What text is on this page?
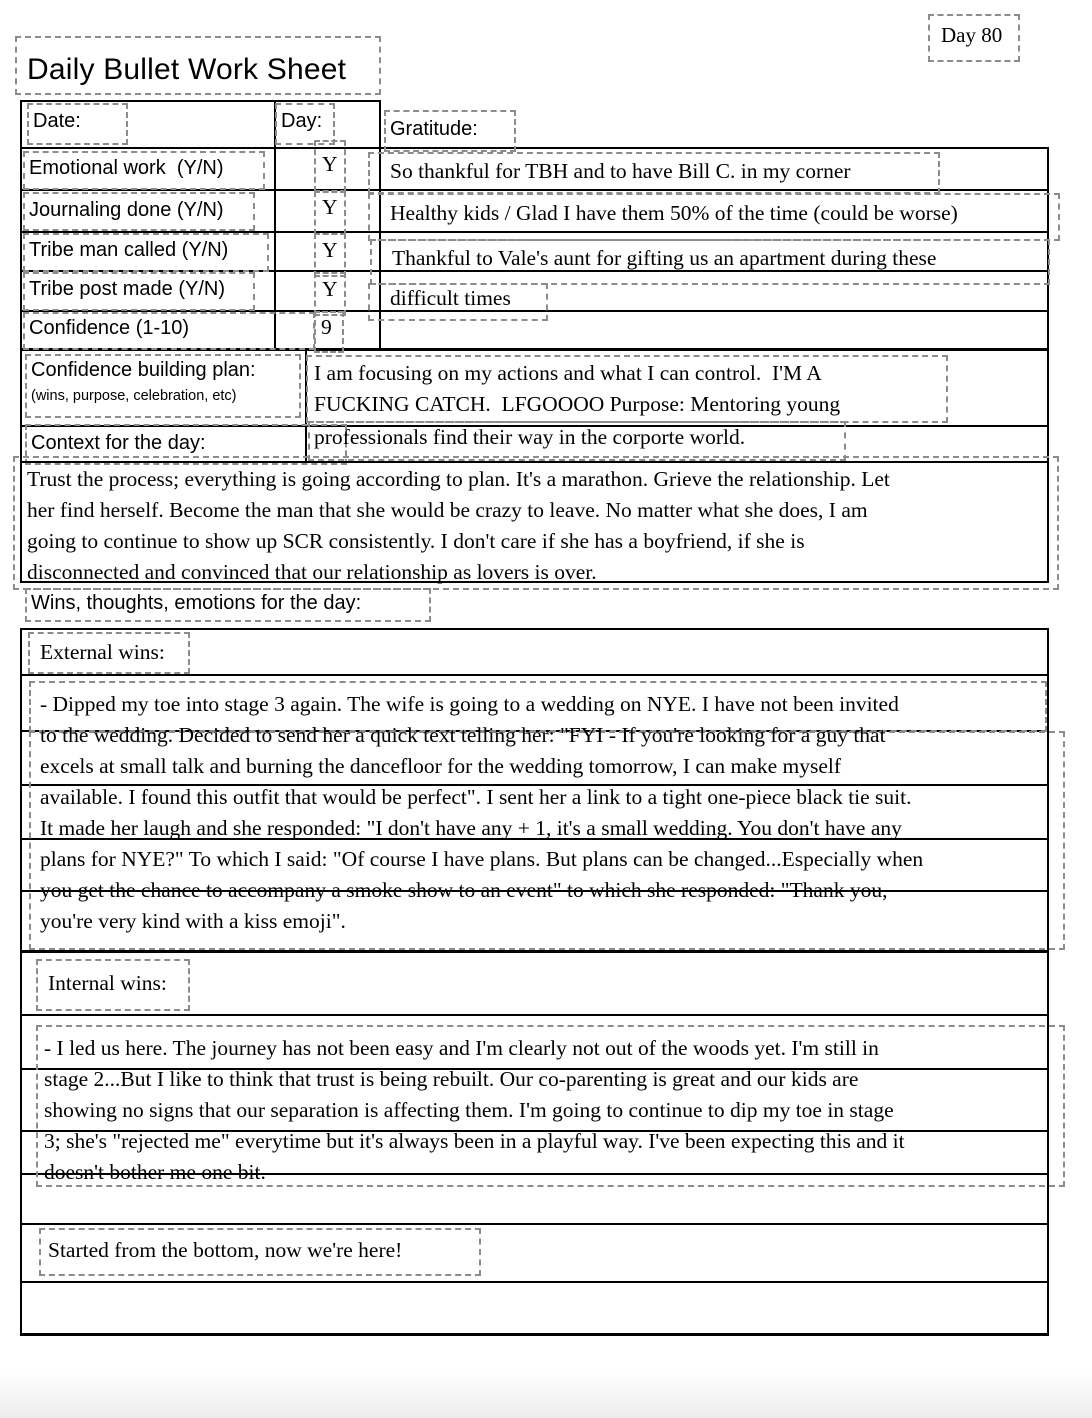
Day 80
Daily Bullet Work Sheet
Date:	Day:	Gratitude:
Emotional work  (Y/N)
Journaling done (Y/N)
Tribe man called (Y/N)
Tribe post made (Y/N)
Confidence (1-10)
Y
Y
Y
Y
9
So thankful for TBH and to have Bill C. in my corner
Healthy kids / Glad I have them 50% of the time (could be worse)
Thankful to Vale's aunt for gifting us an apartment during these
difficult times
Confidence building plan:
(wins, purpose, celebration, etc)
I am focusing on my actions and what I can control.  I'M A
FUCKING CATCH.  LFGOOOO Purpose: Mentoring young
professionals find their way in the corporte world.
Context for the day:
Trust the process; everything is going according to plan. It's a marathon. Grieve the relationship. Let
her find herself. Become the man that she would be crazy to leave. No matter what she does, I am
going to continue to show up SCR consistently. I don't care if she has a boyfriend, if she is
disconnected and convinced that our relationship as lovers is over.
Wins, thoughts, emotions for the day:
External wins:
- Dipped my toe into stage 3 again. The wife is going to a wedding on NYE. I have not been invited
to the wedding. Decided to send her a quick text telling her: "FYI - If you're looking for a guy that
excels at small talk and burning the dancefloor for the wedding tomorrow, I can make myself
available. I found this outfit that would be perfect". I sent her a link to a tight one-piece black tie suit.
It made her laugh and she responded: "I don't have any + 1, it's a small wedding. You don't have any
plans for NYE?" To which I said: "Of course I have plans. But plans can be changed...Especially when
you get the chance to accompany a smoke show to an event" to which she responded: "Thank you,
you're very kind with a kiss emoji".
Internal wins:
- I led us here. The journey has not been easy and I'm clearly not out of the woods yet. I'm still in
stage 2...But I like to think that trust is being rebuilt. Our co-parenting is great and our kids are
showing no signs that our separation is affecting them. I'm going to continue to dip my toe in stage
3; she's "rejected me" everytime but it's always been in a playful way. I've been expecting this and it
doesn't bother me one bit.
Started from the bottom, now we're here!
